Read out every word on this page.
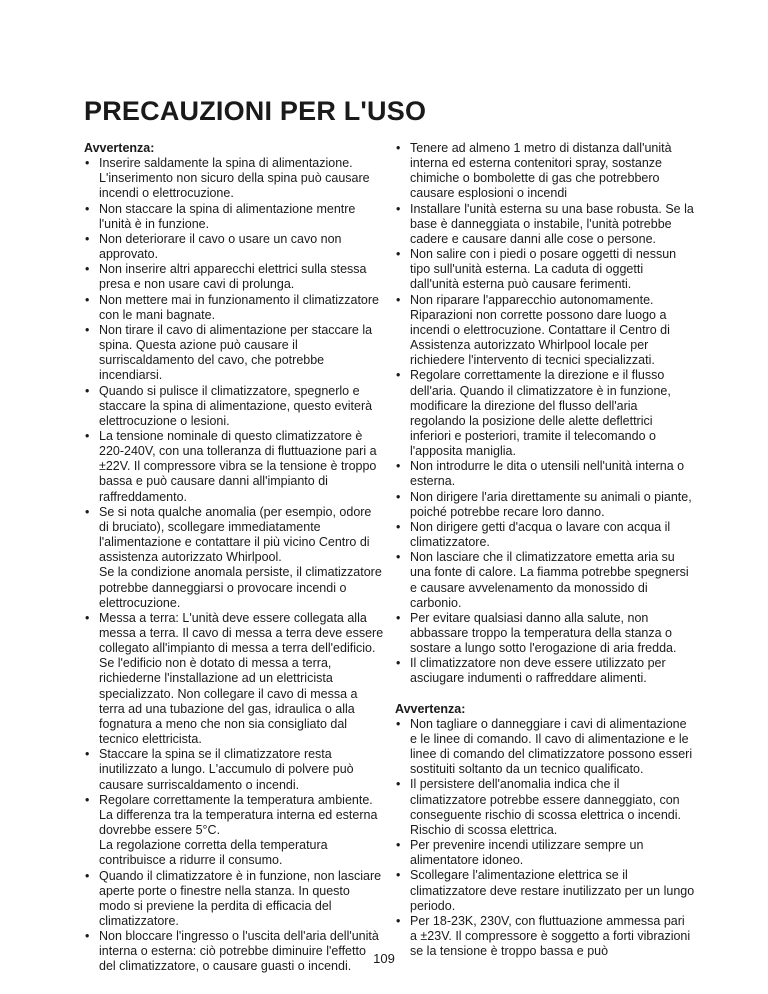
PRECAUZIONI PER L'USO

Avvertenza:

• Inserire saldamente la spina di alimentazione. L'inserimento non sicuro della spina può causare incendi o elettrocuzione.
• Non staccare la spina di alimentazione mentre l'unità è in funzione.
• Non deteriorare il cavo o usare un cavo non approvato.
• Non inserire altri apparecchi elettrici sulla stessa presa e non usare cavi di prolunga.
• Non mettere mai in funzionamento il climatizzatore con le mani bagnate.
• Non tirare il cavo di alimentazione per staccare la spina. Questa azione può causare il surriscaldamento del cavo, che potrebbe incendiarsi.
• Quando si pulisce il climatizzatore, spegnerlo e staccare la spina di alimentazione, questo eviterà elettrocuzione o lesioni.
• La tensione nominale di questo climatizzatore è 220-240V, con una tolleranza di fluttuazione pari a ±22V. Il compressore vibra se la tensione è troppo bassa e può causare danni all'impianto di raffreddamento.
• Se si nota qualche anomalia (per esempio, odore di bruciato), scollegare immediatamente l'alimentazione e contattare il più vicino Centro di assistenza autorizzato Whirlpool.
Se la condizione anomala persiste, il climatizzatore potrebbe danneggiarsi o provocare incendi o elettrocuzione.
• Messa a terra: L'unità deve essere collegata alla messa a terra. Il cavo di messa a terra deve essere collegato all'impianto di messa a terra dell'edificio. Se l'edificio non è dotato di messa a terra, richiederne l'installazione ad un elettricista specializzato. Non collegare il cavo di messa a terra ad una tubazione del gas, idraulica o alla fognatura a meno che non sia consigliato dal tecnico elettricista.
• Staccare la spina se il climatizzatore resta inutilizzato a lungo. L'accumulo di polvere può causare surriscaldamento o incendi.
• Regolare correttamente la temperatura ambiente. La differenza tra la temperatura interna ed esterna dovrebbe essere 5°C.
La regolazione corretta della temperatura contribuisce a ridurre il consumo.
• Quando il climatizzatore è in funzione, non lasciare aperte porte o finestre nella stanza. In questo modo si previene la perdita di efficacia del climatizzatore.
• Non bloccare l'ingresso o l'uscita dell'aria dell'unità interna o esterna: ciò potrebbe diminuire l'effetto del climatizzatore, o causare guasti o incendi.
• Tenere ad almeno 1 metro di distanza dall'unità interna ed esterna contenitori spray, sostanze chimiche o bombolette di gas che potrebbero causare esplosioni o incendi
• Installare l'unità esterna su una base robusta. Se la base è danneggiata o instabile, l'unità potrebbe cadere e causare danni alle cose o persone.
• Non salire con i piedi o posare oggetti di nessun tipo sull'unità esterna. La caduta di oggetti dall'unità esterna può causare ferimenti.
• Non riparare l'apparecchio autonomamente. Riparazioni non corrette possono dare luogo a incendi o elettrocuzione. Contattare il Centro di Assistenza autorizzato Whirlpool locale per richiedere l'intervento di tecnici specializzati.
• Regolare correttamente la direzione e il flusso dell'aria. Quando il climatizzatore è in funzione, modificare la direzione del flusso dell'aria regolando la posizione delle alette deflettrici inferiori e posteriori, tramite il telecomando o l'apposita maniglia.
• Non introdurre le dita o utensili nell'unità interna o esterna.
• Non dirigere l'aria direttamente su animali o piante, poiché potrebbe recare loro danno.
• Non dirigere getti d'acqua o lavare con acqua il climatizzatore.
• Non lasciare che il climatizzatore emetta aria su una fonte di calore. La fiamma potrebbe spegnersi e causare avvelenamento da monossido di carbonio.
• Per evitare qualsiasi danno alla salute, non abbassare troppo la temperatura della stanza o sostare a lungo sotto l'erogazione di aria fredda.
• Il climatizzatore non deve essere utilizzato per asciugare indumenti o raffreddare alimenti.

Avvertenza:

• Non tagliare o danneggiare i cavi di alimentazione e le linee di comando. Il cavo di alimentazione e le linee di comando del climatizzatore possono esseri sostituiti soltanto da un tecnico qualificato.
• Il persistere dell'anomalia indica che il climatizzatore potrebbe essere danneggiato, con conseguente rischio di scossa elettrica o incendi. Rischio di scossa elettrica.
• Per prevenire incendi utilizzare sempre un alimentatore idoneo.
• Scollegare l'alimentazione elettrica se il climatizzatore deve restare inutilizzato per un lungo periodo.
• Per 18-23K, 230V, con fluttuazione ammessa pari a ±23V. Il compressore è soggetto a forti vibrazioni se la tensione è troppo bassa e può
109
